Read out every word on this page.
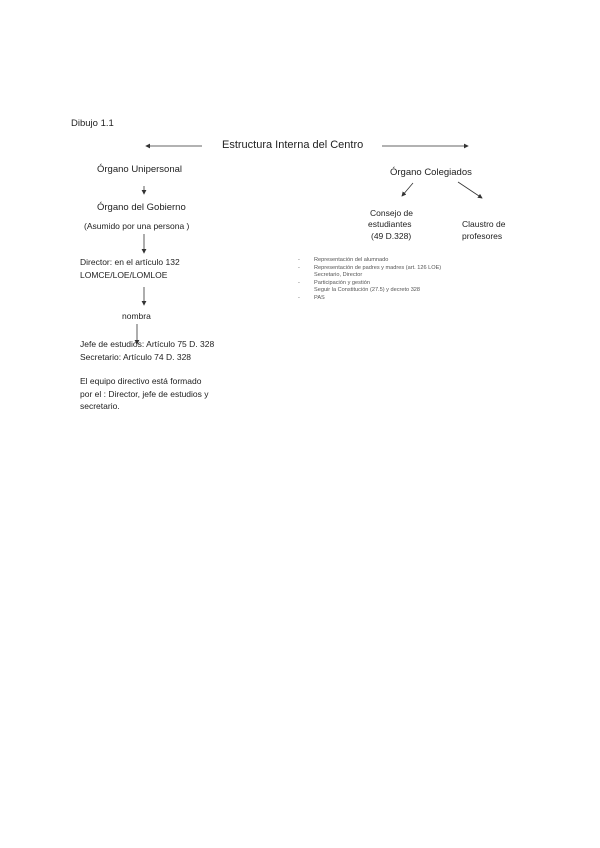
Dibujo 1.1
Estructura Interna del Centro
Órgano Unipersonal
Órgano del Gobierno
(Asumido por una persona )
Director: en el artículo 132
LOMCE/LOE/LOMLOE
nombra
Jefe de estudios: Artículo 75 D. 328
Secretario: Artículo 74 D. 328
El equipo directivo está formado
por el : Director, jefe de estudios y
secretario.
Órgano Colegiados
Consejo de
estudiantes
(49 D.328)
Claustro de
profesores
-	Representación del alumnado
-	Representación de padres y madres (art. 126 LOE)
Secretario, Director
-	Participación y gestión
Seguir la Constitución (27.5) y decreto 328
-	PAS
